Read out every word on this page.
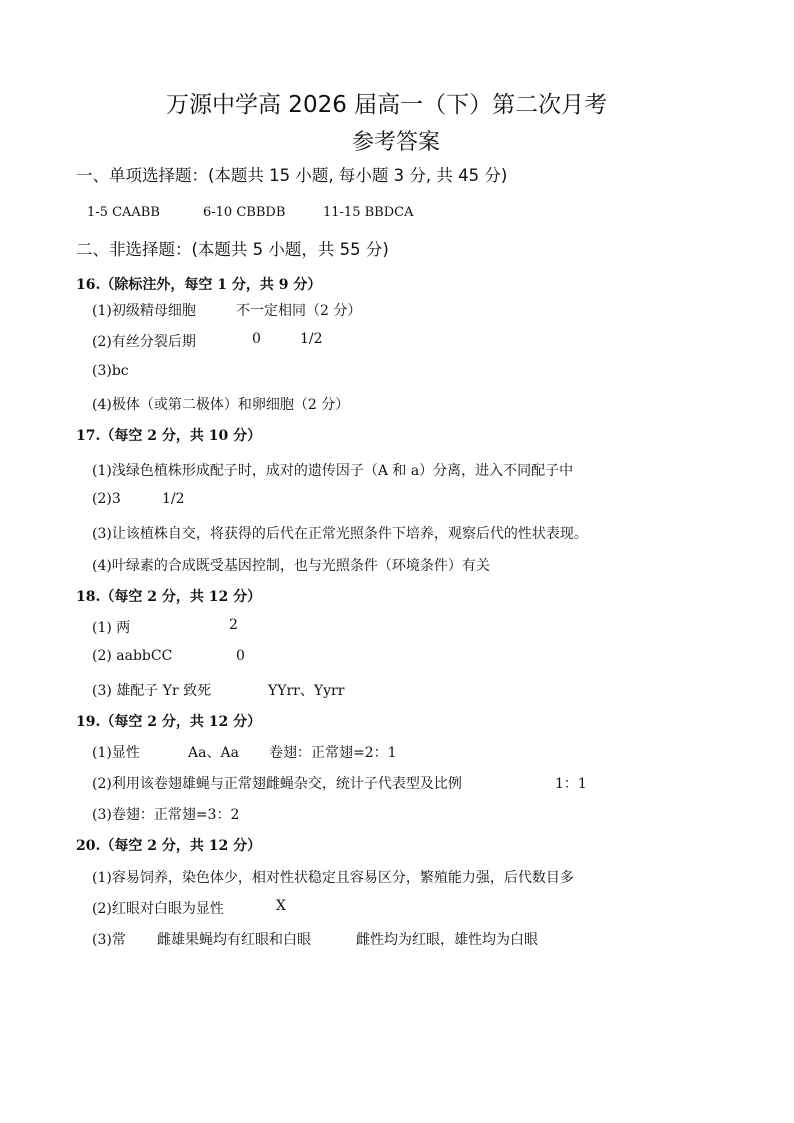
万源中学高 2026 届高一（下）第二次月考
参考答案
一、单项选择题：(本题共 15 小题, 每小题 3 分, 共 45 分)
1-5 CAABB	6-10 CBBDB	11-15 BBDCA
二、非选择题：(本题共 5 小题，共 55 分)
16.（除标注外，每空 1 分，共 9 分）
(1)初级精母细胞	不一定相同（2 分）
(2)有丝分裂后期	0	1/2
(3)bc
(4)极体（或第二极体）和卵细胞（2 分）
17.（每空 2 分，共 10 分）
(1)浅绿色植株形成配子时，成对的遗传因子（A 和 a）分离，进入不同配子中
(2)3	1/2
(3)让该植株自交，将获得的后代在正常光照条件下培养，观察后代的性状表现。
(4)叶绿素的合成既受基因控制，也与光照条件（环境条件）有关
18.（每空 2 分，共 12 分）
(1) 两	2
(2) aabbCC	0
(3) 雄配子 Yr 致死	YYrr、Yyrr
19.（每空 2 分，共 12 分）
(1)显性	Aa、Aa 卷翅：正常翅=2：1
(2)利用该卷翅雄蝇与正常翅雌蝇杂交，统计子代表型及比例	1：1
(3)卷翅：正常翅=3：2
20.（每空 2 分，共 12 分）
(1)容易饲养，染色体少，相对性状稳定且容易区分，繁殖能力强，后代数目多
(2)红眼对白眼为显性	X
(3)常 雌雄果蝇均有红眼和白眼	雌性均为红眼，雄性均为白眼
